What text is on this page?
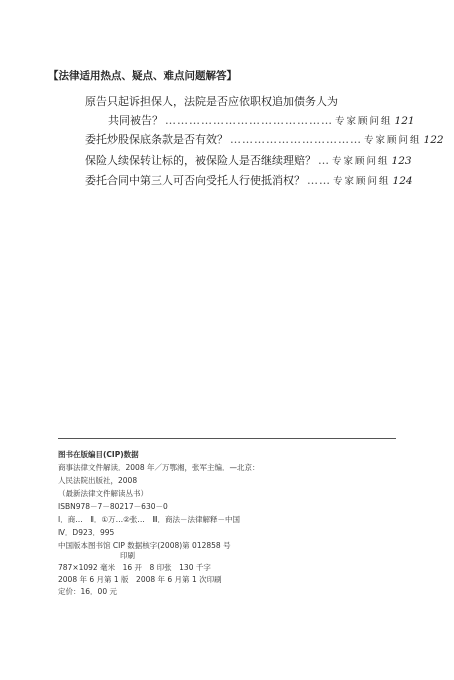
【法律适用热点、疑点、难点问题解答】
原告只起诉担保人，法院是否应依职权追加债务人为
共同被告？ …………………………………… 专家顾问组 121
委托炒股保底条款是否有效？ …………………………… 专家顾问组 122
保险人续保转让标的，被保险人是否继续理赔？ … 专家顾问组 123
委托合同中第三人可否向受托人行使抵消权？ …… 专家顾问组 124
图书在版编目(CIP)数据
商事法律文件解读．2008 年／万鄂湘，张军主编．—北京：
人民法院出版社，2008
（最新法律文件解读丛书）
ISBN978－7－80217－630－0
Ⅰ．商…　Ⅱ．①万…②张…　Ⅲ．商法－法律解释－中国
Ⅳ．D923．995
中国版本图书馆 CIP 数据核字(2008)第 012858 号
印刷
787×1092 毫米　16 开　8 印张　130 千字
2008 年 6 月第 1 版　2008 年 6 月第 1 次印刷
定价：16．00 元
